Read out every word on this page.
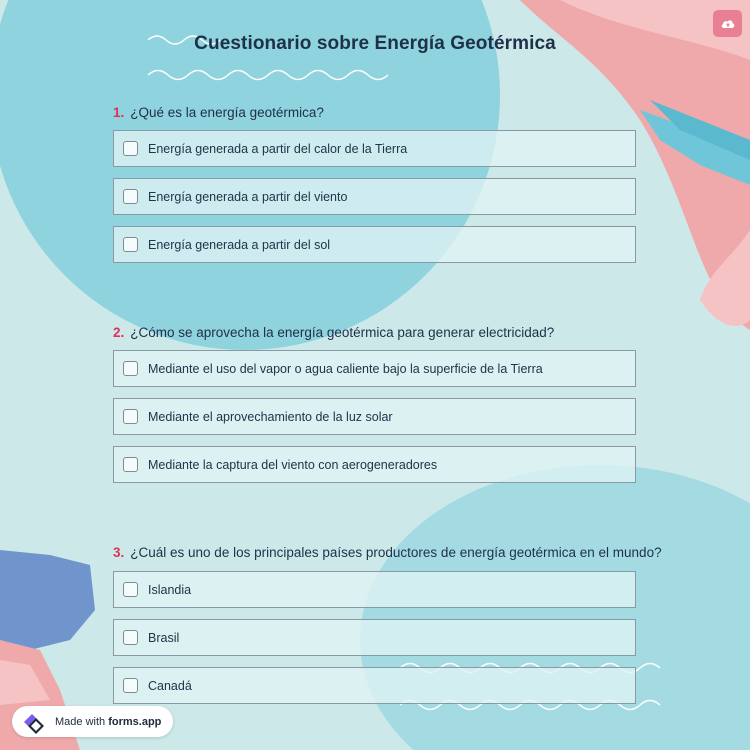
Cuestionario sobre Energía Geotérmica
1. ¿Qué es la energía geotérmica?
Energía generada a partir del calor de la Tierra
Energía generada a partir del viento
Energía generada a partir del sol
2. ¿Cómo se aprovecha la energía geotérmica para generar electricidad?
Mediante el uso del vapor o agua caliente bajo la superficie de la Tierra
Mediante el aprovechamiento de la luz solar
Mediante la captura del viento con aerogeneradores
3. ¿Cuál es uno de los principales países productores de energía geotérmica en el mundo?
Islandia
Brasil
Canadá
Made with forms.app
